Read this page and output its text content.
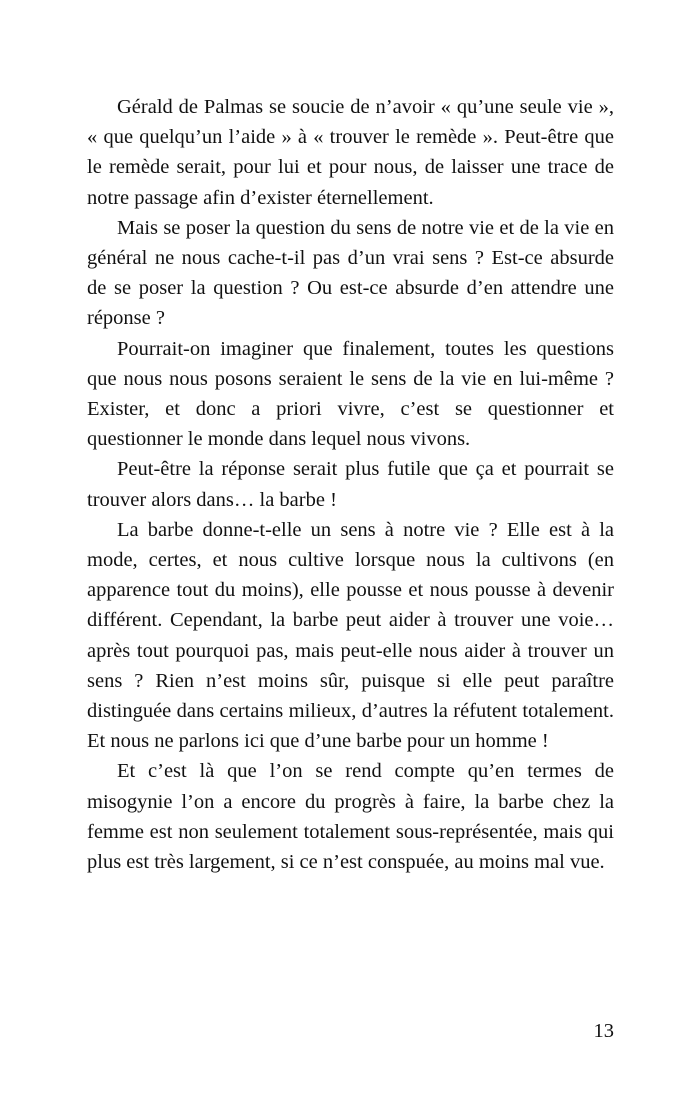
Gérald de Palmas se soucie de n’avoir « qu’une seule vie », « que quelqu’un l’aide » à « trouver le remède ». Peut-être que le remède serait, pour lui et pour nous, de laisser une trace de notre passage afin d’exister éternellement.

Mais se poser la question du sens de notre vie et de la vie en général ne nous cache-t-il pas d’un vrai sens ? Est-ce absurde de se poser la question ? Ou est-ce absurde d’en attendre une réponse ?

Pourrait-on imaginer que finalement, toutes les questions que nous nous posons seraient le sens de la vie en lui-même ? Exister, et donc a priori vivre, c’est se questionner et questionner le monde dans lequel nous vivons.

Peut-être la réponse serait plus futile que ça et pourrait se trouver alors dans… la barbe !

La barbe donne-t-elle un sens à notre vie ? Elle est à la mode, certes, et nous cultive lorsque nous la cultivons (en apparence tout du moins), elle pousse et nous pousse à devenir différent. Cependant, la barbe peut aider à trouver une voie… après tout pourquoi pas, mais peut-elle nous aider à trouver un sens ? Rien n’est moins sûr, puisque si elle peut paraître distinguée dans certains milieux, d’autres la réfutent totalement. Et nous ne parlons ici que d’une barbe pour un homme !

Et c’est là que l’on se rend compte qu’en termes de misogynie l’on a encore du progrès à faire, la barbe chez la femme est non seulement totalement sous-représentée, mais qui plus est très largement, si ce n’est conspuée, au moins mal vue.

13
